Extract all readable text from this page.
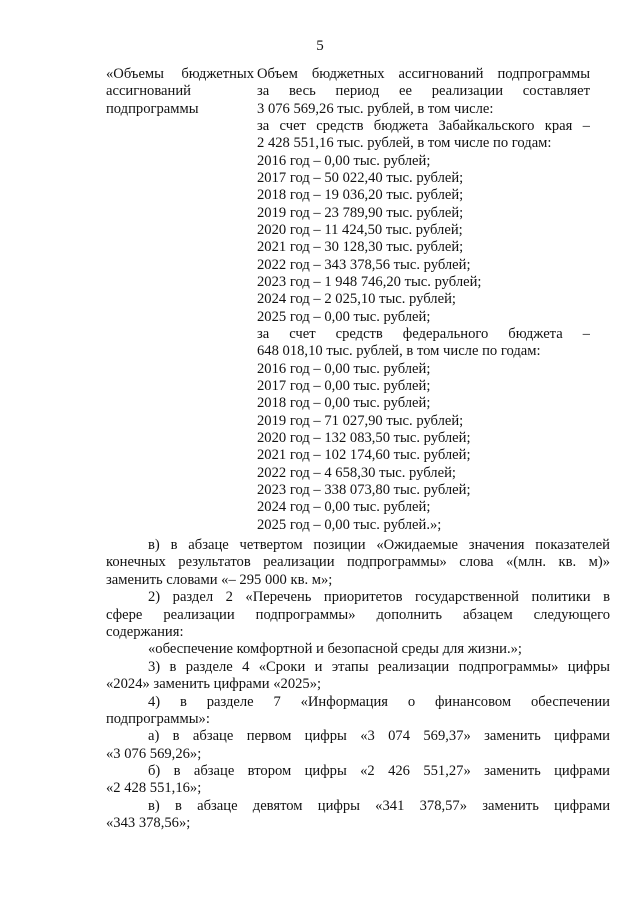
5
«Объемы бюджетных
ассигнований
подпрограммы
Объем бюджетных ассигнований подпрограммы
за весь период ее реализации составляет
3 076 569,26 тыс. рублей, в том числе:
за счет средств бюджета Забайкальского края –
2 428 551,16 тыс. рублей, в том числе по годам:
2016 год – 0,00 тыс. рублей;
2017 год – 50 022,40 тыс. рублей;
2018 год – 19 036,20 тыс. рублей;
2019 год – 23 789,90 тыс. рублей;
2020 год – 11 424,50 тыс. рублей;
2021 год – 30 128,30 тыс. рублей;
2022 год – 343 378,56 тыс. рублей;
2023 год – 1 948 746,20 тыс. рублей;
2024 год – 2 025,10 тыс. рублей;
2025 год – 0,00 тыс. рублей;
за счет средств федерального бюджета –
648 018,10 тыс. рублей, в том числе по годам:
2016 год – 0,00 тыс. рублей;
2017 год – 0,00 тыс. рублей;
2018 год – 0,00 тыс. рублей;
2019 год – 71 027,90 тыс. рублей;
2020 год – 132 083,50 тыс. рублей;
2021 год – 102 174,60 тыс. рублей;
2022 год – 4 658,30 тыс. рублей;
2023 год – 338 073,80 тыс. рублей;
2024 год – 0,00 тыс. рублей;
2025 год – 0,00 тыс. рублей.»;
в) в абзаце четвертом позиции «Ожидаемые значения показателей
конечных результатов реализации подпрограммы» слова «(млн. кв. м)»
заменить словами «– 295 000 кв. м»;
2) раздел 2 «Перечень приоритетов государственной политики в
сфере реализации подпрограммы» дополнить абзацем следующего
содержания:
«обеспечение комфортной и безопасной среды для жизни.»;
3) в разделе 4 «Сроки и этапы реализации подпрограммы» цифры
«2024» заменить цифрами «2025»;
4) в разделе 7 «Информация о финансовом обеспечении
подпрограммы»:
а) в абзаце первом цифры «3 074 569,37» заменить цифрами
«3 076 569,26»;
б) в абзаце втором цифры «2 426 551,27» заменить цифрами
«2 428 551,16»;
в) в абзаце девятом цифры «341 378,57» заменить цифрами
«343 378,56»;
